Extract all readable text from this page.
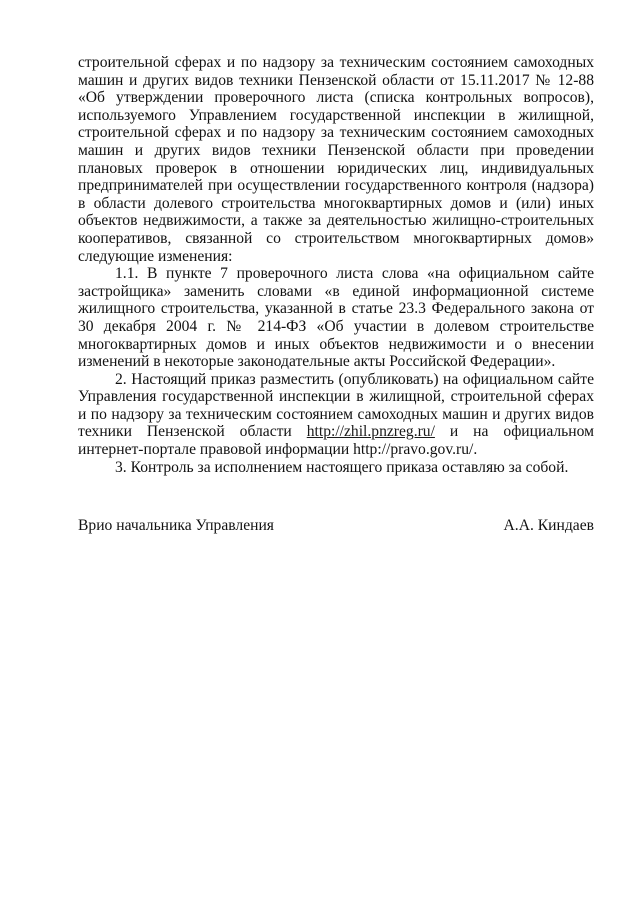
строительной сферах и по надзору за техническим состоянием самоходных машин и других видов техники Пензенской области от 15.11.2017 № 12-88 «Об утверждении проверочного листа (списка контрольных вопросов), используемого Управлением государственной инспекции в жилищной, строительной сферах и по надзору за техническим состоянием самоходных машин и других видов техники Пензенской области при проведении плановых проверок в отношении юридических лиц, индивидуальных предпринимателей при осуществлении государственного контроля (надзора) в области долевого строительства многоквартирных домов и (или) иных объектов недвижимости, а также за деятельностью жилищно-строительных кооперативов, связанной со строительством многоквартирных домов» следующие изменения:

1.1. В пункте 7 проверочного листа слова «на официальном сайте застройщика» заменить словами «в единой информационной системе жилищного строительства, указанной в статье 23.3 Федерального закона от 30 декабря 2004 г. № 214-ФЗ «Об участии в долевом строительстве многоквартирных домов и иных объектов недвижимости и о внесении изменений в некоторые законодательные акты Российской Федерации».

2. Настоящий приказ разместить (опубликовать) на официальном сайте Управления государственной инспекции в жилищной, строительной сферах и по надзору за техническим состоянием самоходных машин и других видов техники Пензенской области http://zhil.pnzreg.ru/ и на официальном интернет-портале правовой информации http://pravo.gov.ru/.

3. Контроль за исполнением настоящего приказа оставляю за собой.

Врио начальника Управления	А.А. Киндаев
